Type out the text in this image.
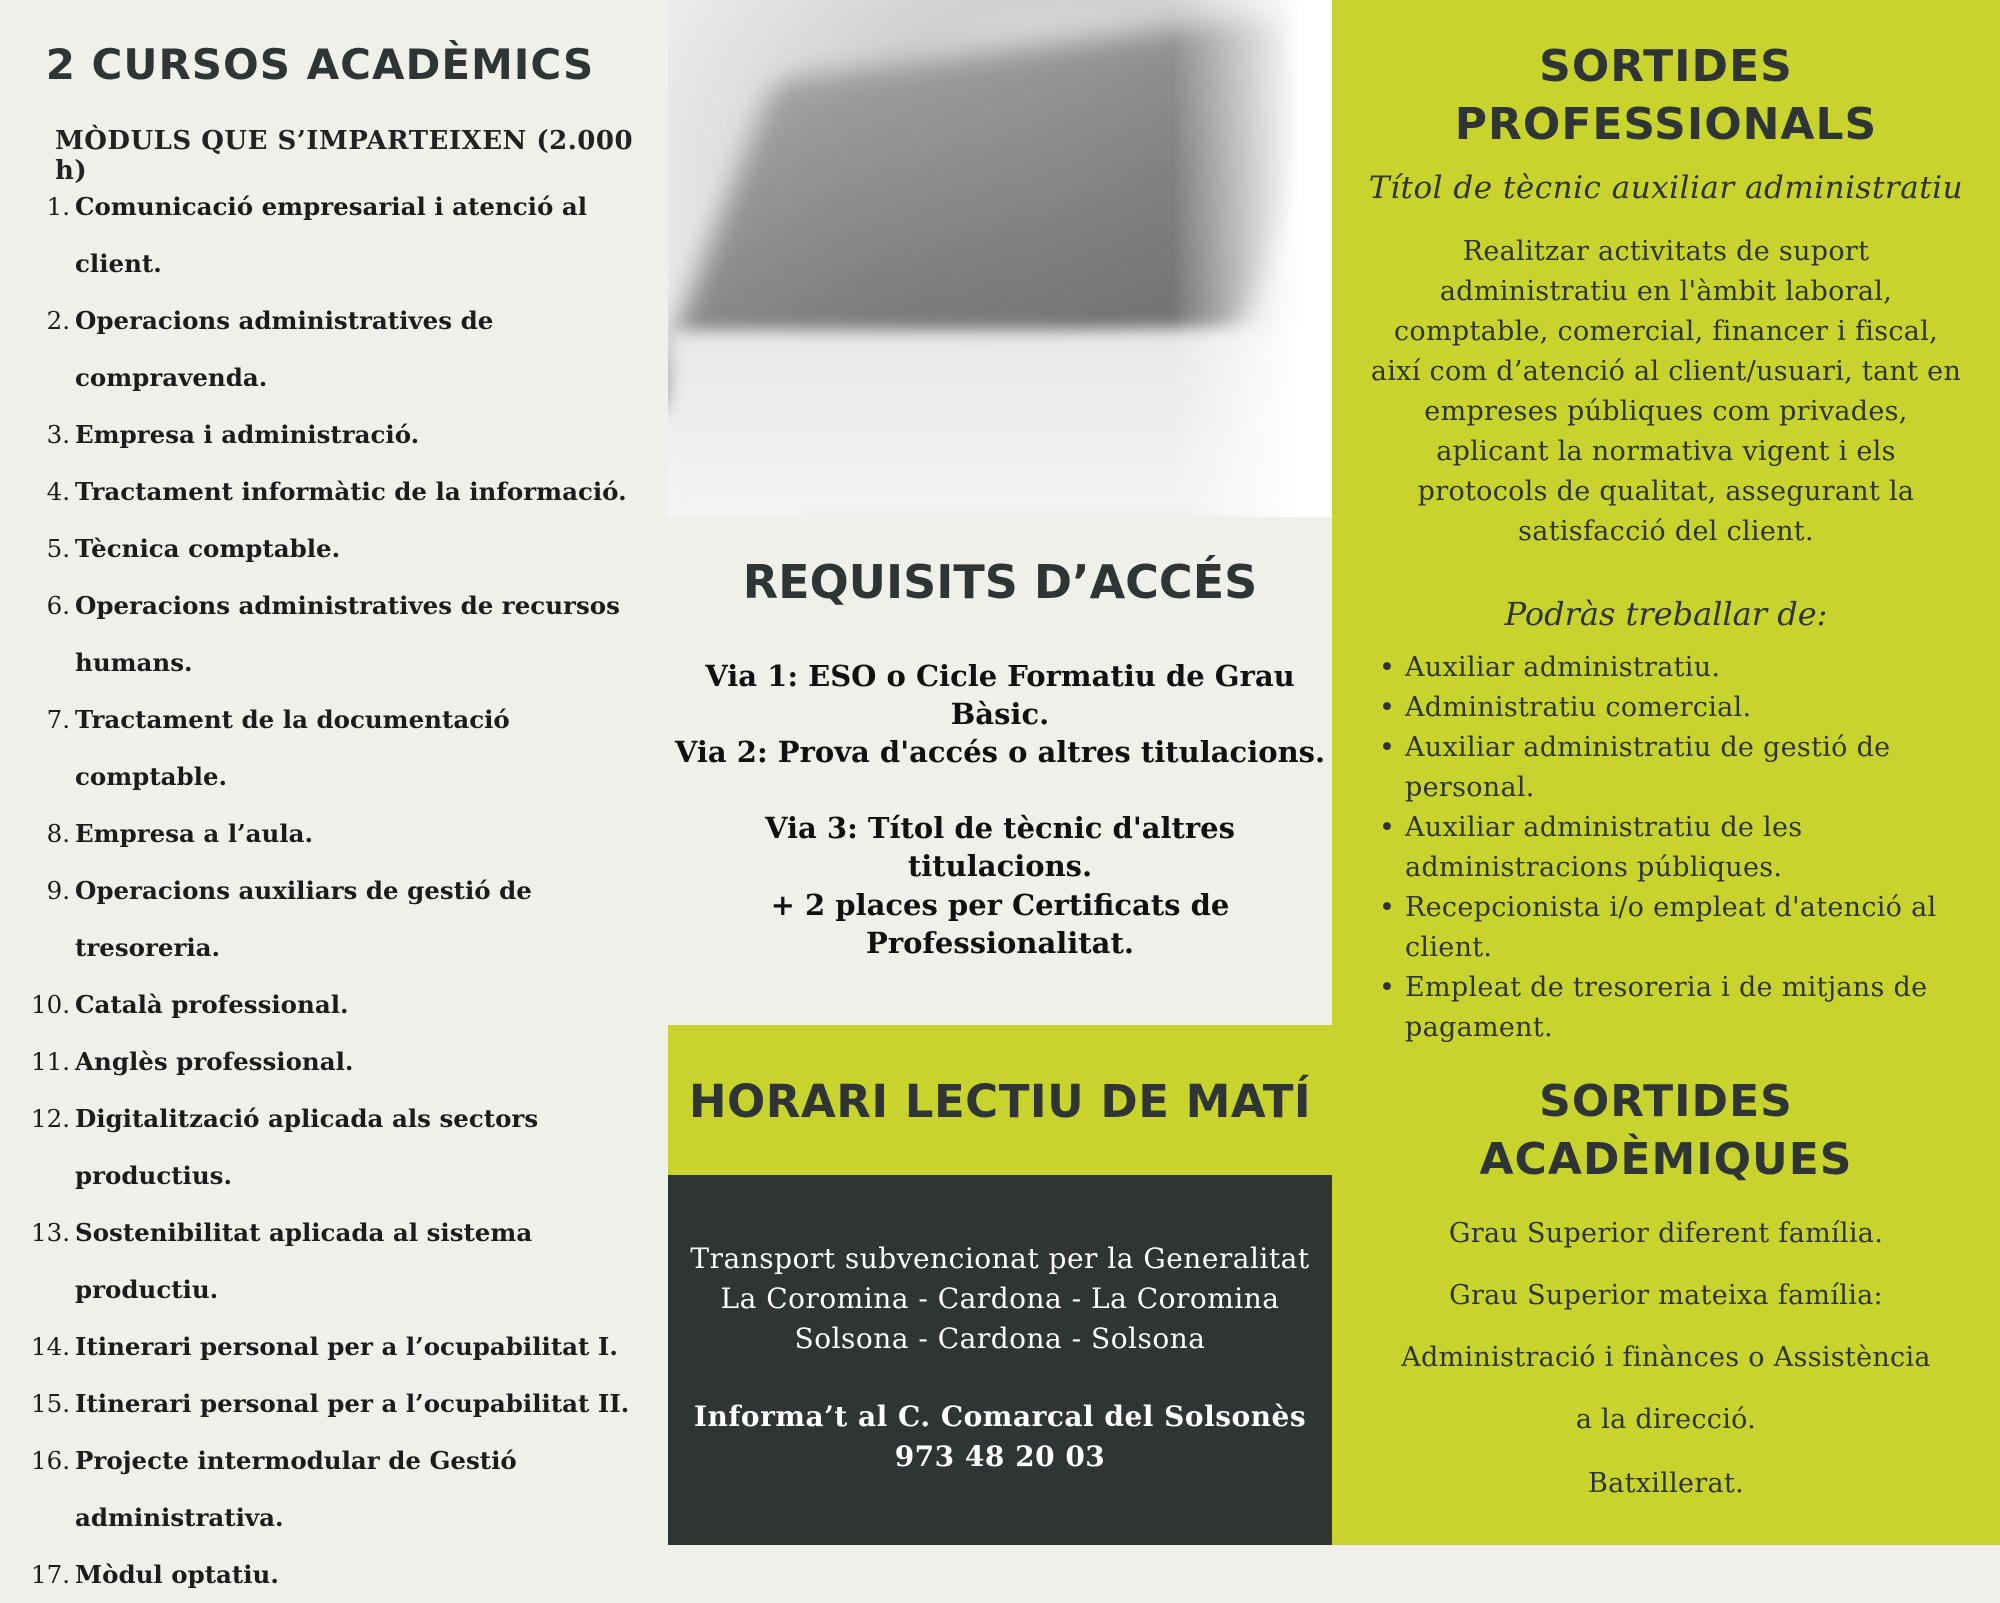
2 CURSOS ACADÈMICS
MÒDULS QUE S’IMPARTEIXEN (2.000 h)
1. Comunicació empresarial i atenció al
client.
2. Operacions administratives de
compravenda.
3. Empresa i administració.
4. Tractament informàtic de la informació.
5. Tècnica comptable.
6. Operacions administratives de recursos
humans.
7. Tractament de la documentació comptable.
8. Empresa a l’aula.
9. Operacions auxiliars de gestió de
tresoreria.
10. Català professional.
11. Anglès professional.
12. Digitalització aplicada als sectors
productius.
13. Sostenibilitat aplicada al sistema productiu.
14. Itinerari personal per a l’ocupabilitat I.
15. Itinerari personal per a l’ocupabilitat II.
16. Projecte intermodular de Gestió
administrativa.
17. Mòdul optatiu.
REQUISITS D’ACCÉS
Via 1: ESO o Cicle Formatiu de Grau Bàsic.
Via 2: Prova d'accés o altres titulacions.
Via 3: Títol de tècnic d'altres titulacions.
+ 2 places per Certificats de
Professionalitat.
HORARI LECTIU DE MATÍ
Transport subvencionat per la Generalitat
La Coromina - Cardona - La Coromina
Solsona - Cardona - Solsona
Informa’t al C. Comarcal del Solsonès
973 48 20 03
SORTIDES
PROFESSIONALS
Títol de tècnic auxiliar administratiu
Realitzar activitats de suport
administratiu en l'àmbit laboral,
comptable, comercial, financer i fiscal,
així com d’atenció al client/usuari, tant en
empreses públiques com privades,
aplicant la normativa vigent i els
protocols de qualitat, assegurant la
satisfacció del client.
Podràs treballar de:
• Auxiliar administratiu.
• Administratiu comercial.
• Auxiliar administratiu de gestió de
personal.
• Auxiliar administratiu de les
administracions públiques.
• Recepcionista i/o empleat d'atenció al
client.
• Empleat de tresoreria i de mitjans de
pagament.
SORTIDES
ACADÈMIQUES
Grau Superior diferent família.
Grau Superior mateixa família:
Administració i finànces o Assistència
a la direcció.
Batxillerat.
